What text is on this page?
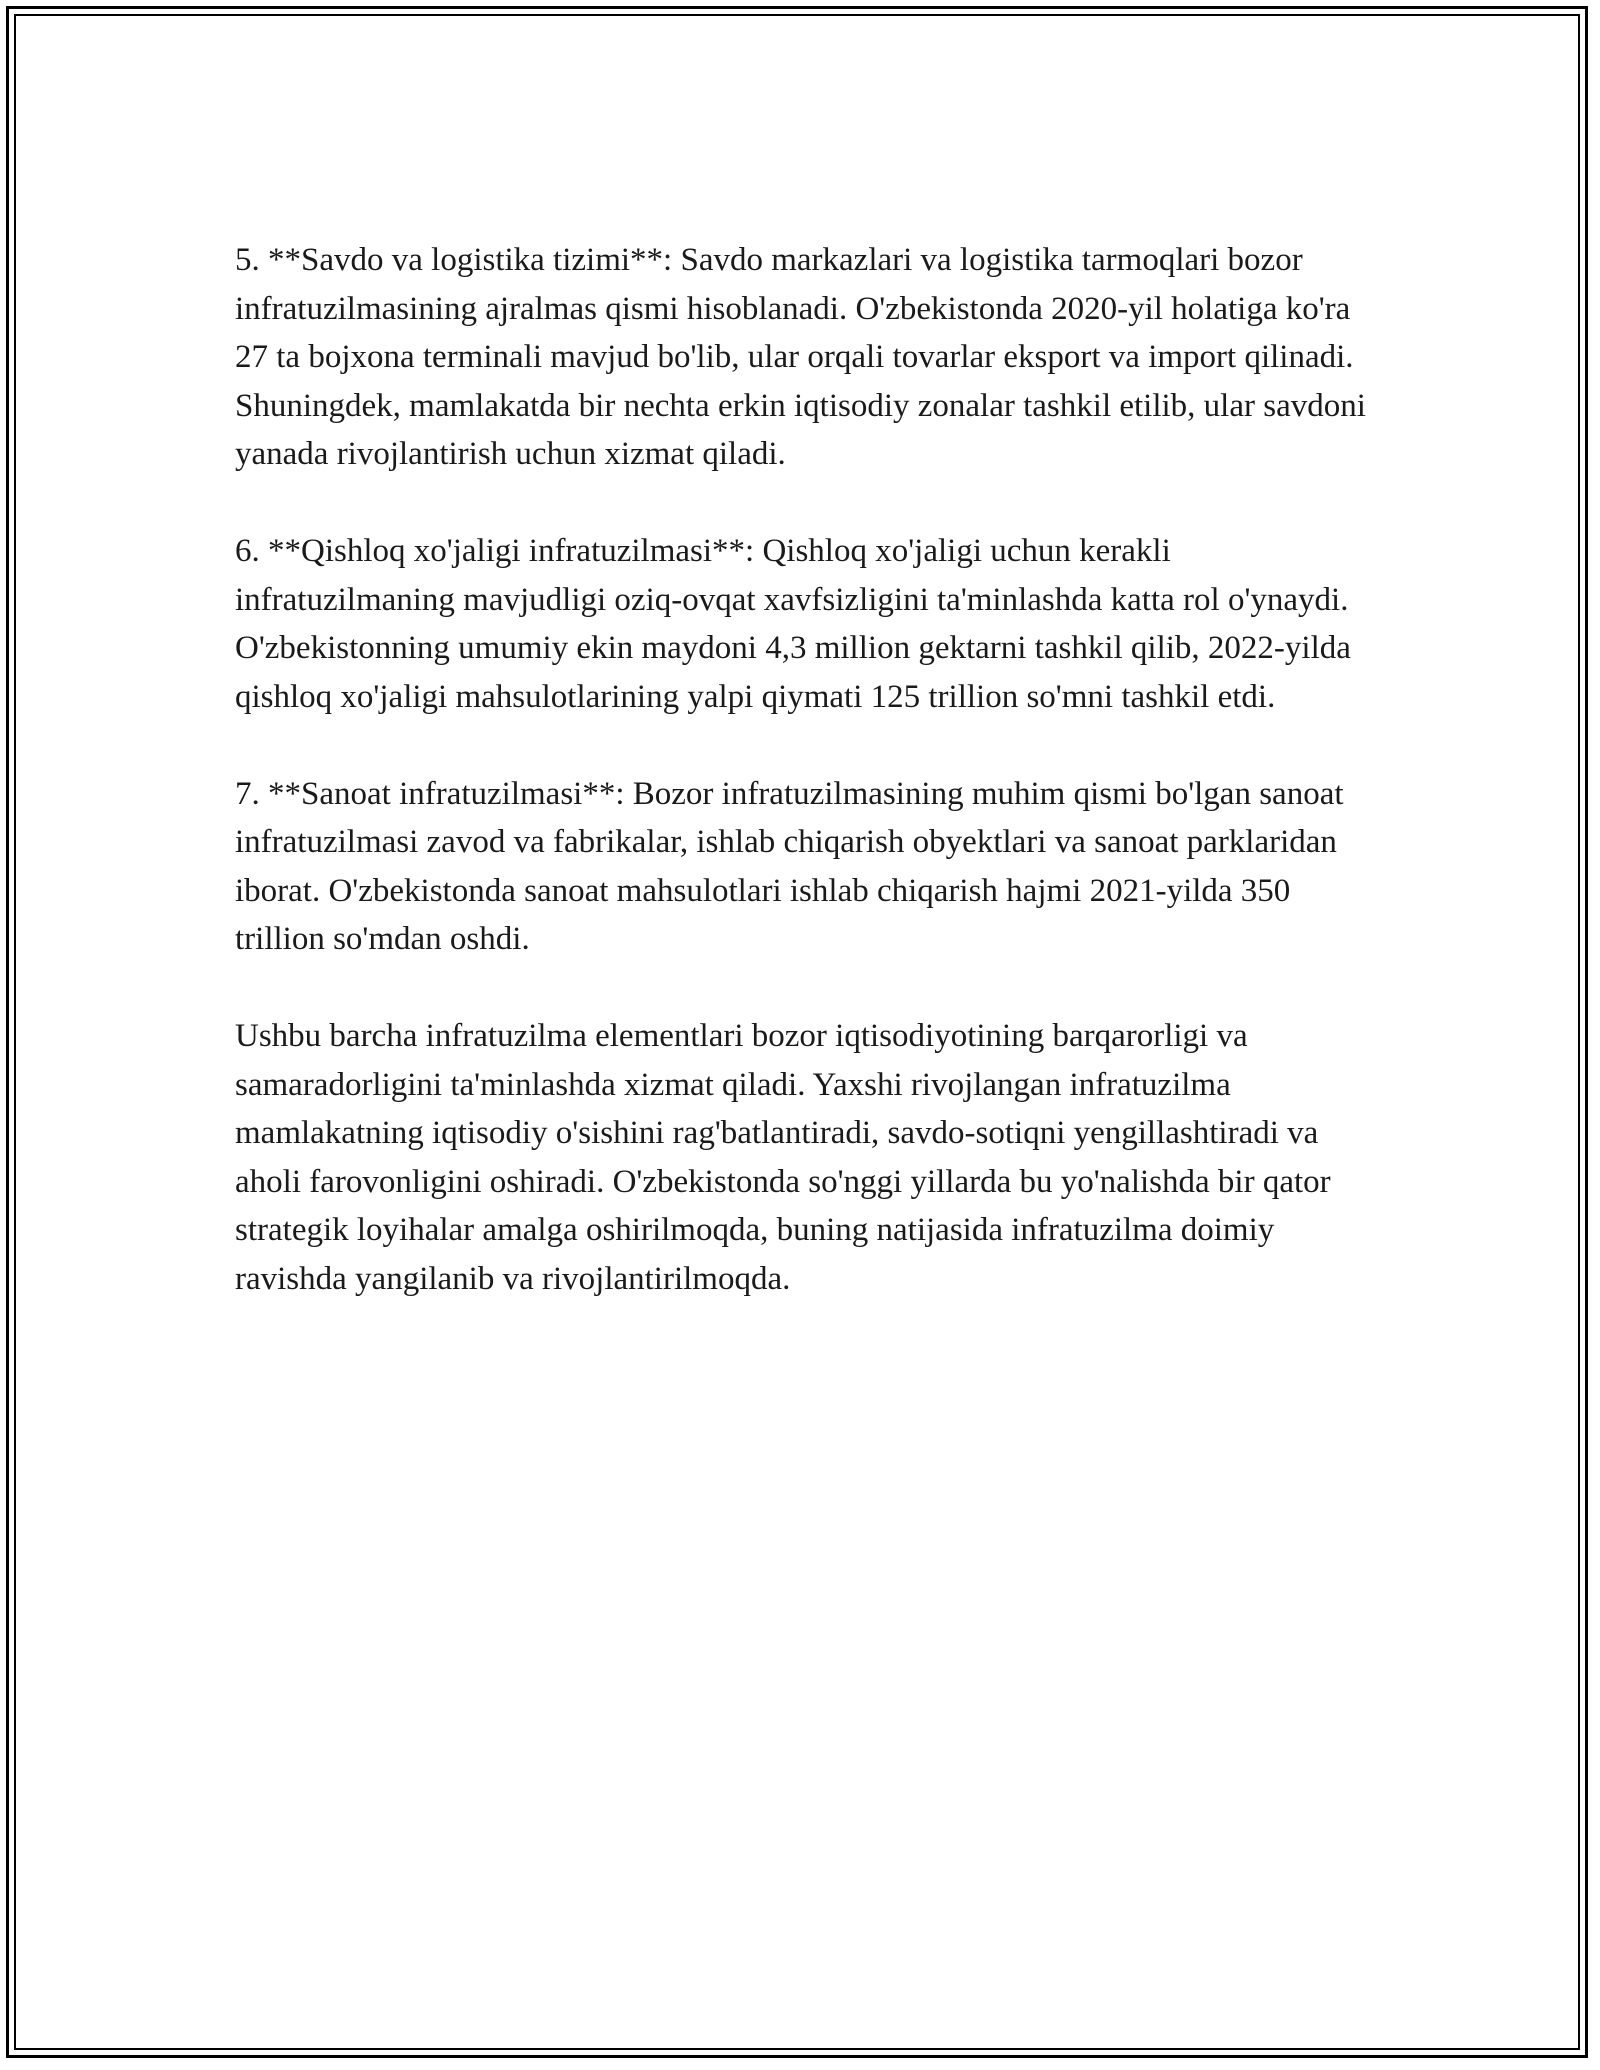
5. **Savdo va logistika tizimi**: Savdo markazlari va logistika tarmoqlari bozor infratuzilmasining ajralmas qismi hisoblanadi. O'zbekistonda 2020-yil holatiga ko'ra 27 ta bojxona terminali mavjud bo'lib, ular orqali tovarlar eksport va import qilinadi. Shuningdek, mamlakatda bir nechta erkin iqtisodiy zonalar tashkil etilib, ular savdoni yanada rivojlantirish uchun xizmat qiladi.

6. **Qishloq xo'jaligi infratuzilmasi**: Qishloq xo'jaligi uchun kerakli infratuzilmaning mavjudligi oziq-ovqat xavfsizligini ta'minlashda katta rol o'ynaydi. O'zbekistonning umumiy ekin maydoni 4,3 million gektarni tashkil qilib, 2022-yilda qishloq xo'jaligi mahsulotlarining yalpi qiymati 125 trillion so'mni tashkil etdi.

7. **Sanoat infratuzilmasi**: Bozor infratuzilmasining muhim qismi bo'lgan sanoat infratuzilmasi zavod va fabrikalar, ishlab chiqarish obyektlari va sanoat parklaridan iborat. O'zbekistonda sanoat mahsulotlari ishlab chiqarish hajmi 2021-yilda 350 trillion so'mdan oshdi.

Ushbu barcha infratuzilma elementlari bozor iqtisodiyotining barqarorligi va samaradorligini ta'minlashda xizmat qiladi. Yaxshi rivojlangan infratuzilma mamlakatning iqtisodiy o'sishini rag'batlantiradi, savdo-sotiqni yengillashtiradi va aholi farovonligini oshiradi. O'zbekistonda so'nggi yillarda bu yo'nalishda bir qator strategik loyihalar amalga oshirilmoqda, buning natijasida infratuzilma doimiy ravishda yangilanib va rivojlantirilmoqda.
